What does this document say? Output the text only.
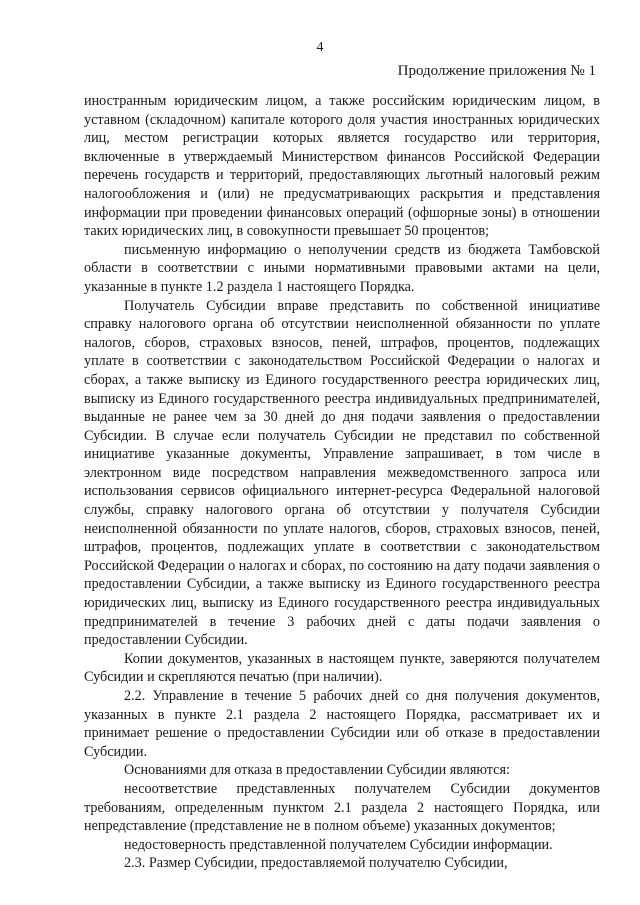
4
Продолжение приложения № 1

иностранным юридическим лицом, а также российским юридическим лицом, в уставном (складочном) капитале которого доля участия иностранных юридических лиц, местом регистрации которых является государство или территория, включенные в утверждаемый Министерством финансов Российской Федерации перечень государств и территорий, предоставляющих льготный налоговый режим налогообложения и (или) не предусматривающих раскрытия и представления информации при проведении финансовых операций (офшорные зоны) в отношении таких юридических лиц, в совокупности превышает 50 процентов;

письменную информацию о неполучении средств из бюджета Тамбовской области в соответствии с иными нормативными правовыми актами на цели, указанные в пункте 1.2 раздела 1 настоящего Порядка.

Получатель Субсидии вправе представить по собственной инициативе справку налогового органа об отсутствии неисполненной обязанности по уплате налогов, сборов, страховых взносов, пеней, штрафов, процентов, подлежащих уплате в соответствии с законодательством Российской Федерации о налогах и сборах, а также выписку из Единого государственного реестра юридических лиц, выписку из Единого государственного реестра индивидуальных предпринимателей, выданные не ранее чем за 30 дней до дня подачи заявления о предоставлении Субсидии. В случае если получатель Субсидии не представил по собственной инициативе указанные документы, Управление запрашивает, в том числе в электронном виде посредством направления межведомственного запроса или использования сервисов официального интернет-ресурса Федеральной налоговой службы, справку налогового органа об отсутствии у получателя Субсидии неисполненной обязанности по уплате налогов, сборов, страховых взносов, пеней, штрафов, процентов, подлежащих уплате в соответствии с законодательством Российской Федерации о налогах и сборах, по состоянию на дату подачи заявления о предоставлении Субсидии, а также выписку из Единого государственного реестра юридических лиц, выписку из Единого государственного реестра индивидуальных предпринимателей в течение 3 рабочих дней с даты подачи заявления о предоставлении Субсидии.

Копии документов, указанных в настоящем пункте, заверяются получателем Субсидии и скрепляются печатью (при наличии).

2.2. Управление в течение 5 рабочих дней со дня получения документов, указанных в пункте 2.1 раздела 2 настоящего Порядка, рассматривает их и принимает решение о предоставлении Субсидии или об отказе в предоставлении Субсидии.

Основаниями для отказа в предоставлении Субсидии являются:

несоответствие представленных получателем Субсидии документов требованиям, определенным пунктом 2.1 раздела 2 настоящего Порядка, или непредставление (представление не в полном объеме) указанных документов;

недостоверность представленной получателем Субсидии информации.

2.3. Размер Субсидии, предоставляемой получателю Субсидии,
